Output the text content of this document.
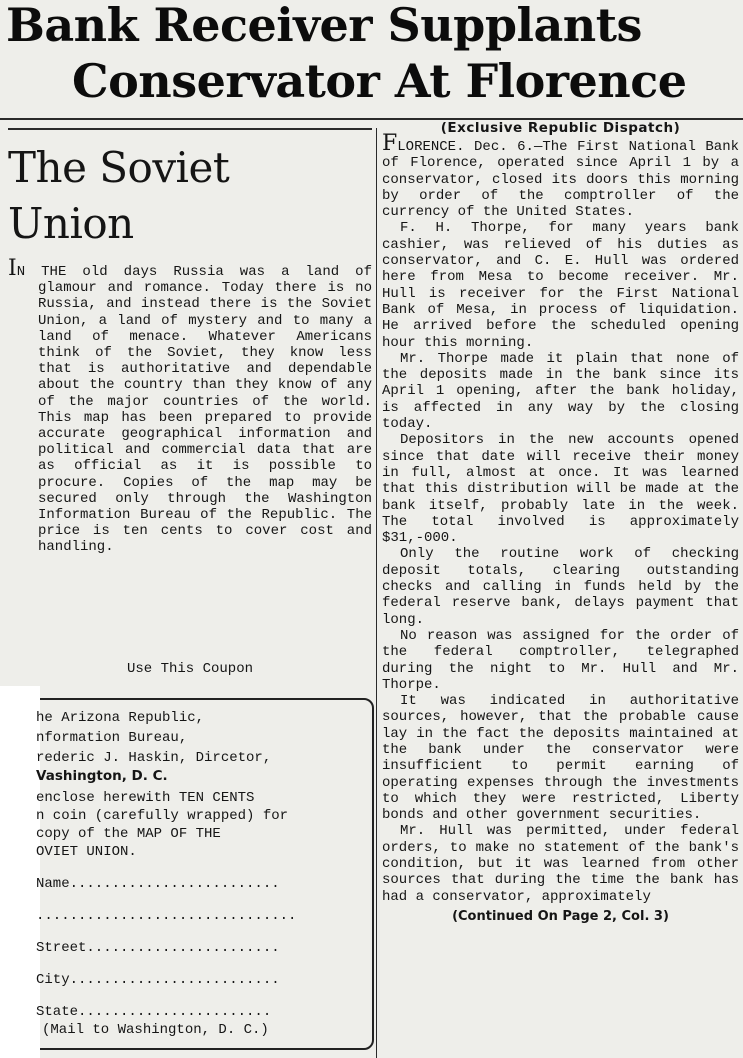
Bank Receiver Supplants
Conservator At Florence
The Soviet
Union

IN THE old days Russia was a land of glamour and romance. Today there is no Russia, and instead there is the Soviet Union, a land of mystery and to many a land of menace. Whatever Americans think of the Soviet, they know less that is authoritative and dependable about the country than they know of any of the major countries of the world. This map has been prepared to provide accurate geographical information and political and commercial data that are as official as it is possible to procure. Copies of the map may be secured only through the Washington Information Bureau of the Republic. The price is ten cents to cover cost and handling.

Use This Coupon
he Arizona Republic,
nformation Bureau,
rederic J. Haskin, Dircetor,
Vashington, D. C.
enclose herewith TEN CENTS
n coin (carefully wrapped) for
copy of the MAP OF THE
OVIET UNION.
Name.........................
...............................
Street.......................
City.........................
State.......................
(Mail to Washington, D. C.)
(Exclusive Republic Dispatch)

FLORENCE. Dec. 6.—The First National Bank of Florence, operated since April 1 by a conservator, closed its doors this morning by order of the comptroller of the currency of the United States.

F. H. Thorpe, for many years bank cashier, was relieved of his duties as conservator, and C. E. Hull was ordered here from Mesa to become receiver. Mr. Hull is receiver for the First National Bank of Mesa, in process of liquidation. He arrived before the scheduled opening hour this morning.

Mr. Thorpe made it plain that none of the deposits made in the bank since its April 1 opening, after the bank holiday, is affected in any way by the closing today.

Depositors in the new accounts opened since that date will receive their money in full, almost at once. It was learned that this distribution will be made at the bank itself, probably late in the week. The total involved is approximately $31,-000.

Only the routine work of checking deposit totals, clearing outstanding checks and calling in funds held by the federal reserve bank, delays payment that long.

No reason was assigned for the order of the federal comptroller, telegraphed during the night to Mr. Hull and Mr. Thorpe.

It was indicated in authoritative sources, however, that the probable cause lay in the fact the deposits maintained at the bank under the conservator were insufficient to permit earning of operating expenses through the investments to which they were restricted, Liberty bonds and other government securities.

Mr. Hull was permitted, under federal orders, to make no statement of the bank's condition, but it was learned from other sources that during the time the bank has had a conservator, approximately

(Continued On Page 2, Col. 3)
